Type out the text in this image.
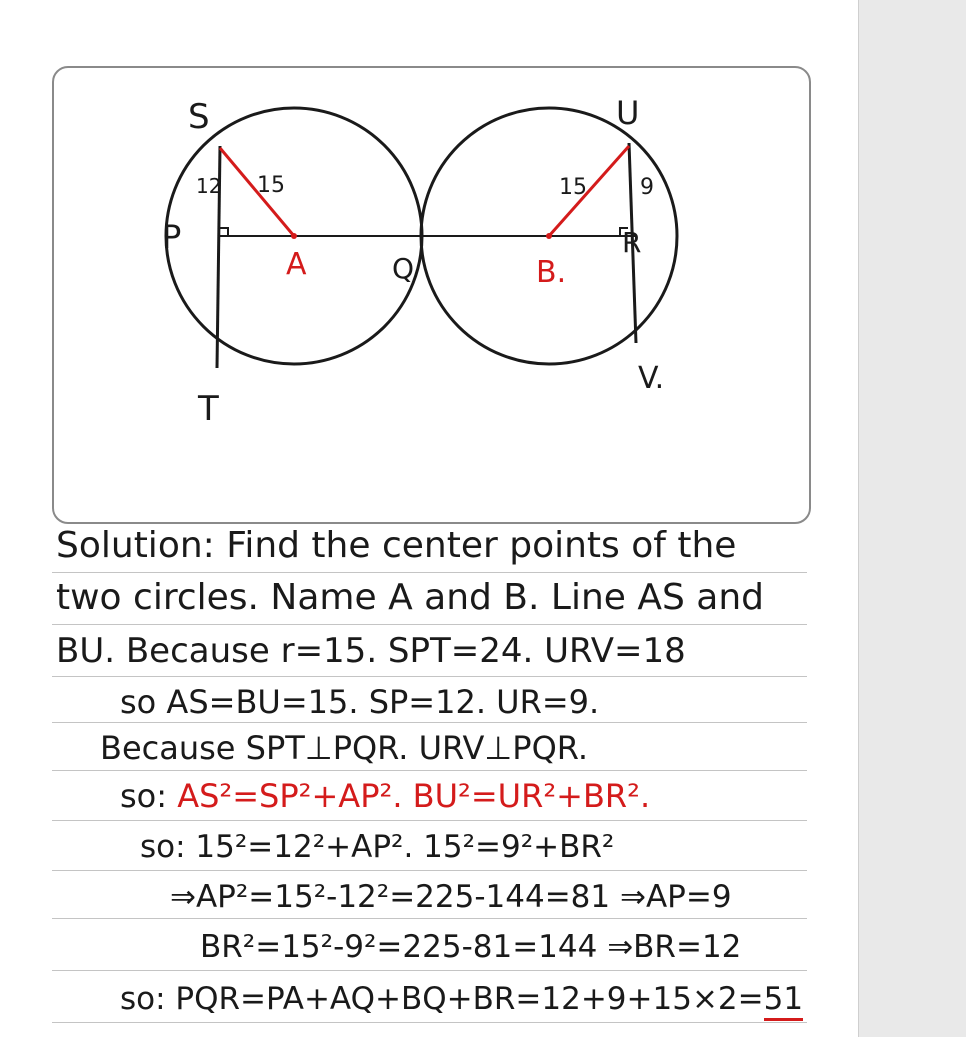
S
P
T
A	Q	B.
U
R
V.
12 15	15 9
Solution: Find the center points of the
two circles. Name A and B. Line AS and
BU. Because r=15. SPT=24. URV=18
so AS=BU=15. SP=12. UR=9.
Because SPT⊥PQR. URV⊥PQR.
so: AS²=SP²+AP². BU²=UR²+BR².
so: 15²=12²+AP². 15²=9²+BR²
⇒AP²=15²-12²=225-144=81 ⇒AP=9
BR²=15²-9²=225-81=144 ⇒BR=12
so: PQR=PA+AQ+BQ+BR=12+9+15×2=51
